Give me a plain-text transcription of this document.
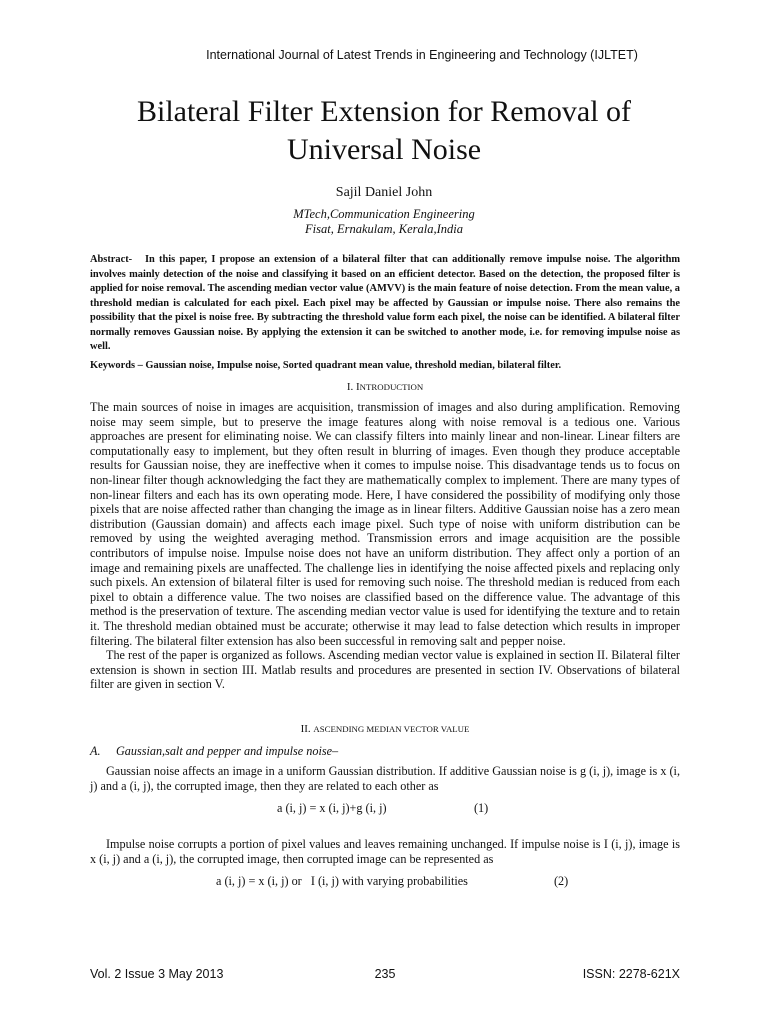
International Journal of Latest Trends in Engineering and Technology (IJLTET)
Bilateral Filter Extension for Removal of
Universal Noise
Sajil Daniel John
MTech,Communication Engineering
Fisat, Ernakulam, Kerala,India
Abstract- In this paper, I propose an extension of a bilateral filter that can additionally remove impulse noise. The algorithm involves mainly detection of the noise and classifying it based on an efficient detector. Based on the detection, the proposed filter is applied for noise removal. The ascending median vector value (AMVV) is the main feature of noise detection. From the mean value, a threshold median is calculated for each pixel. Each pixel may be affected by Gaussian or impulse noise. There also remains the possibility that the pixel is noise free. By subtracting the threshold value form each pixel, the noise can be identified. A bilateral filter normally removes Gaussian noise. By applying the extension it can be switched to another mode, i.e. for removing impulse noise as well.
Keywords – Gaussian noise, Impulse noise, Sorted quadrant mean value, threshold median, bilateral filter.
I. INTRODUCTION

The main sources of noise in images are acquisition, transmission of images and also during amplification. Removing noise may seem simple, but to preserve the image features along with noise removal is a tedious one. Various approaches are present for eliminating noise. We can classify filters into mainly linear and non-linear. Linear filters are computationally easy to implement, but they often result in blurring of images. Even though they produce acceptable results for Gaussian noise, they are ineffective when it comes to impulse noise. This disadvantage tends us to focus on non-linear filter though acknowledging the fact they are mathematically complex to implement. There are many types of non-linear filters and each has its own operating mode. Here, I have considered the possibility of modifying only those pixels that are noise affected rather than changing the image as in linear filters. Additive Gaussian noise has a zero mean distribution (Gaussian domain) and affects each image pixel. Such type of noise with uniform distribution can be removed by using the weighted averaging method. Transmission errors and image acquisition are the possible contributors of impulse noise. Impulse noise does not have an uniform distribution. They affect only a portion of an image and remaining pixels are unaffected. The challenge lies in identifying the noise affected pixels and replacing only such pixels. An extension of bilateral filter is used for removing such noise. The threshold median is reduced from each pixel to obtain a difference value. The two noises are classified based on the difference value. The advantage of this method is the preservation of texture. The ascending median vector value is used for identifying the texture and to retain it. The threshold median obtained must be accurate; otherwise it may lead to false detection which results in improper filtering. The bilateral filter extension has also been successful in removing salt and pepper noise.

The rest of the paper is organized as follows. Ascending median vector value is explained in section II. Bilateral filter extension is shown in section III. Matlab results and procedures are presented in section IV. Observations of bilateral filter are given in section V.

II. ASCENDING MEDIAN VECTOR VALUE
A. Gaussian,salt and pepper and impulse noise–
Gaussian noise affects an image in a uniform Gaussian distribution. If additive Gaussian noise is g (i, j), image is x (i, j) and a (i, j), the corrupted image, then they are related to each other as
a (i, j) = x (i, j)+g (i, j)	(1)
Impulse noise corrupts a portion of pixel values and leaves remaining unchanged. If impulse noise is I (i, j), image is x (i, j) and a (i, j), the corrupted image, then corrupted image can be represented as
a (i, j) = x (i, j) or   I (i, j) with varying probabilities	(2)
Vol. 2 Issue 3 May 2013	235	ISSN: 2278-621X
